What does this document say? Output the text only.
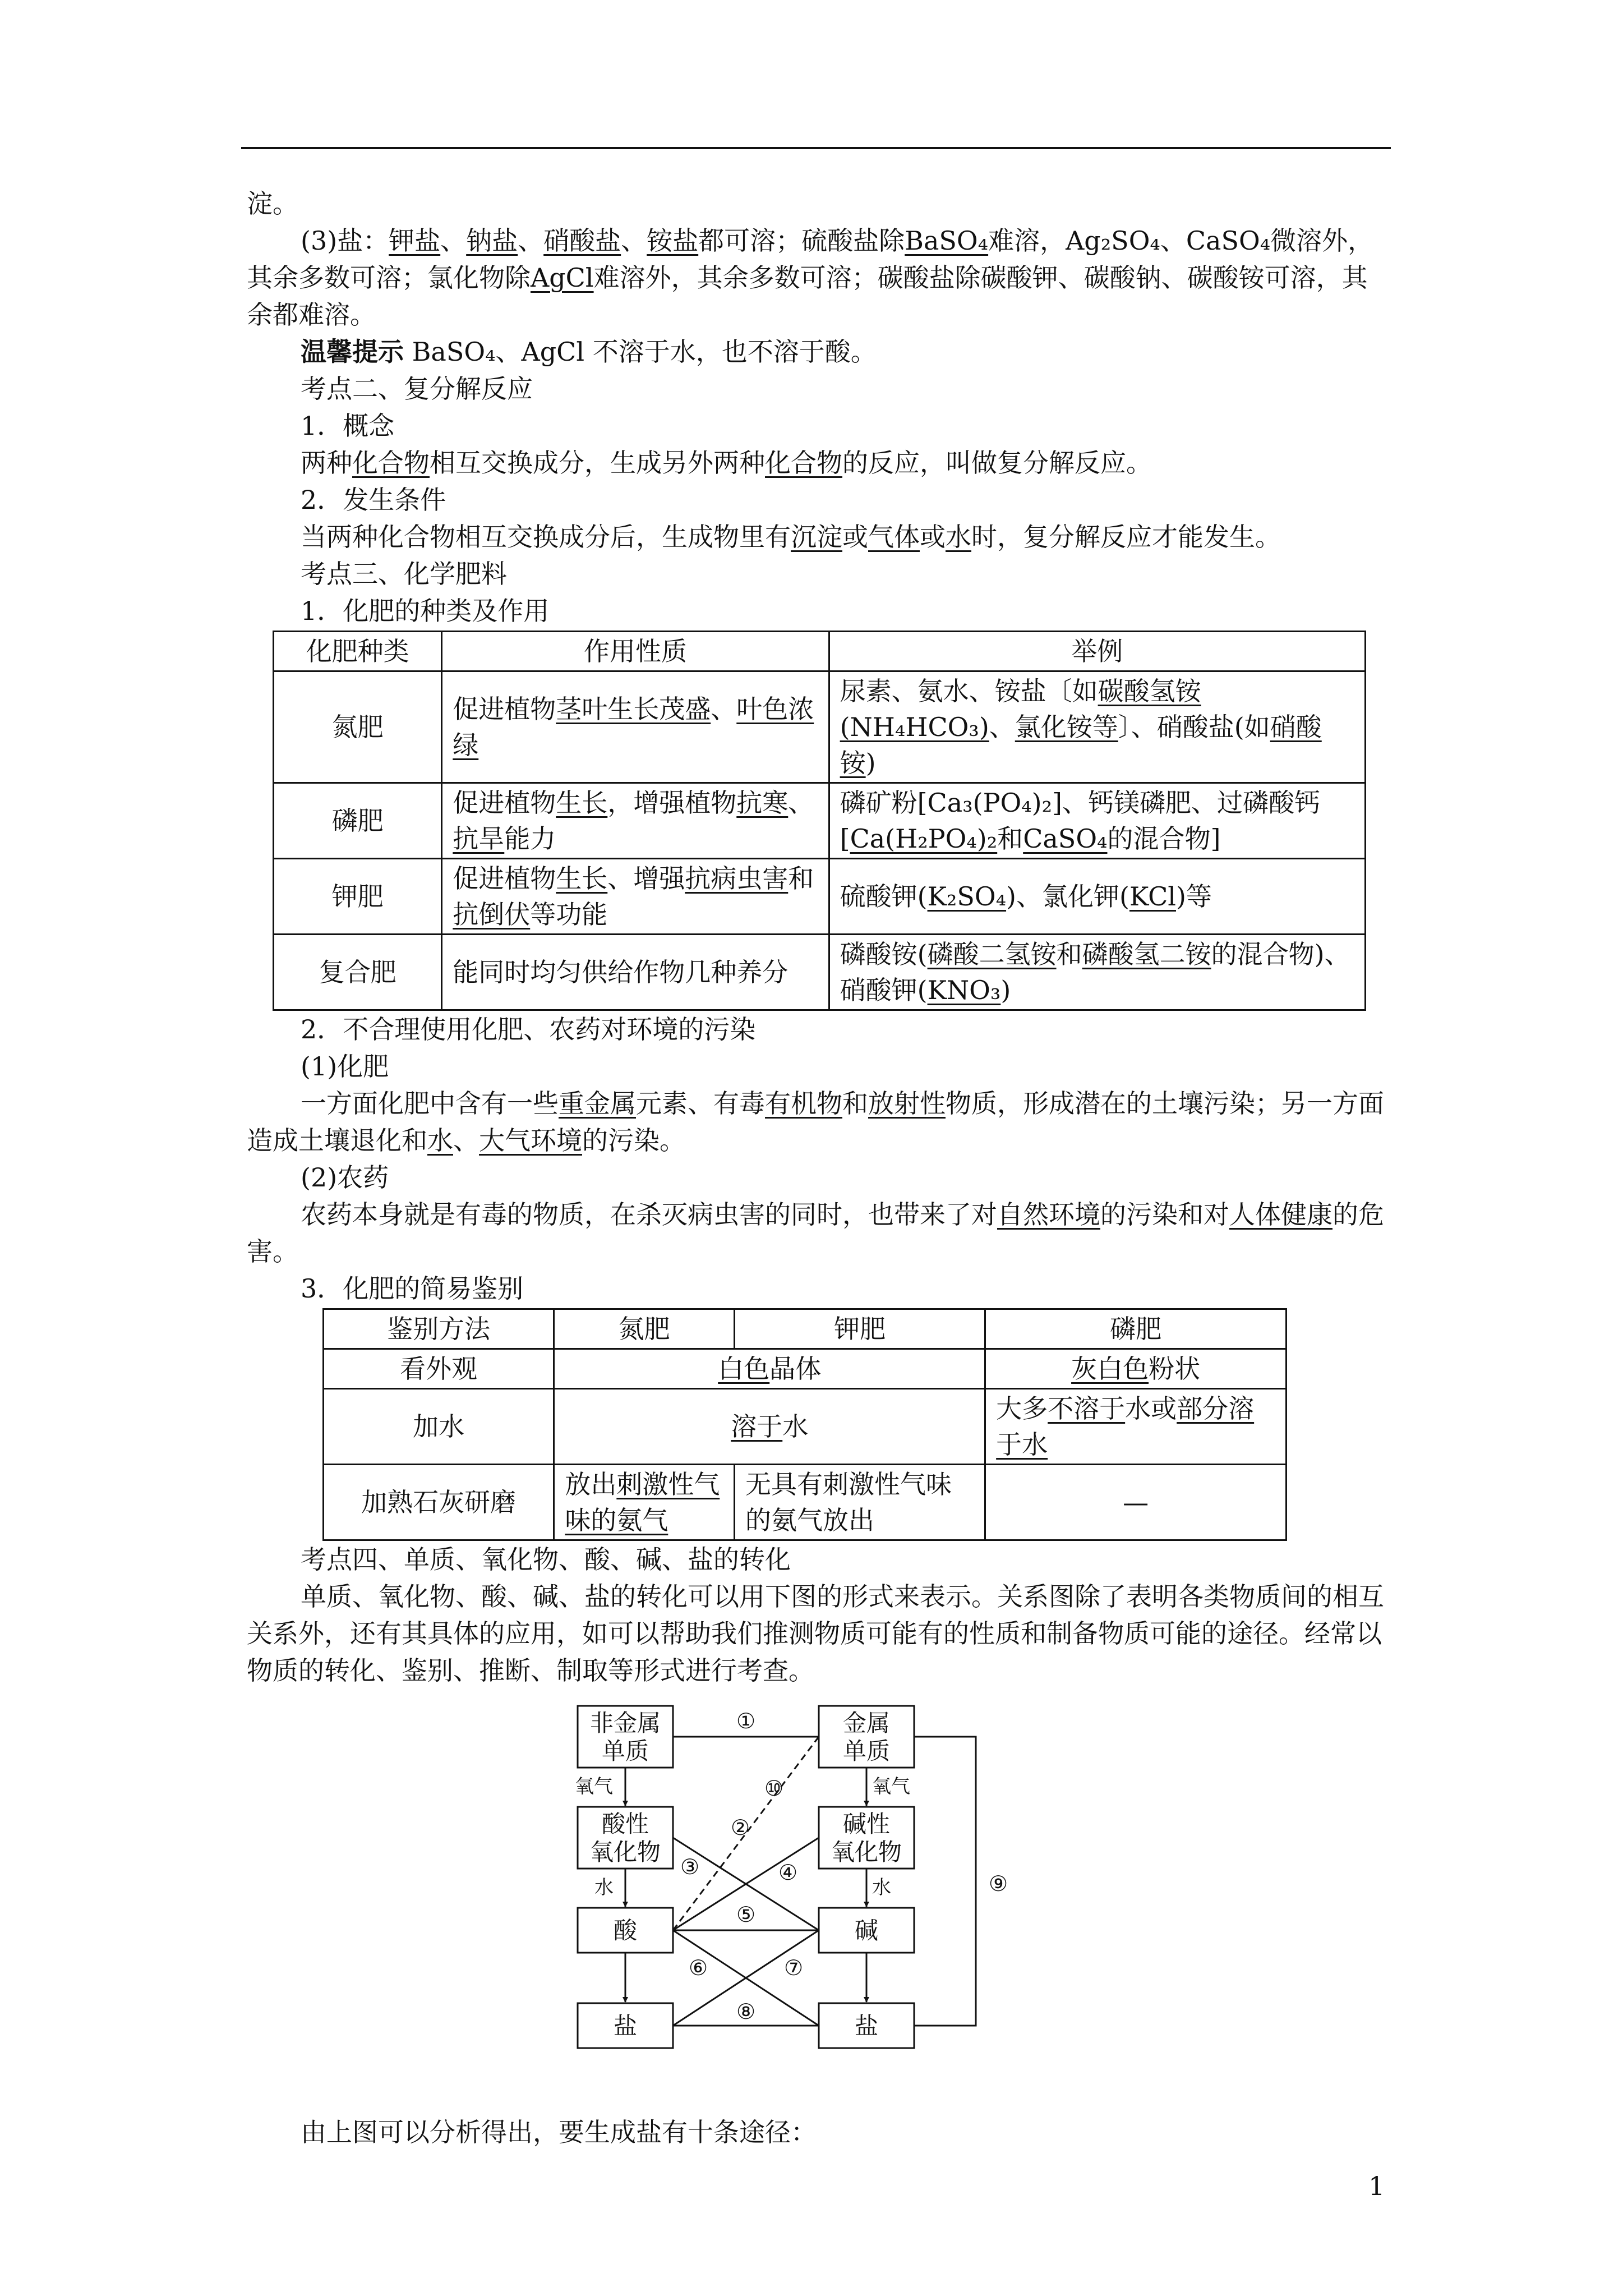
淀。

(3)盐：钾盐、钠盐、硝酸盐、铵盐都可溶；硫酸盐除BaSO₄难溶，Ag₂SO₄、CaSO₄微溶外，其余多数可溶；氯化物除AgCl难溶外，其余多数可溶；碳酸盐除碳酸钾、碳酸钠、碳酸铵可溶，其余都难溶。

温馨提示 BaSO₄、AgCl 不溶于水，也不溶于酸。

考点二、复分解反应

1．概念

两种化合物相互交换成分，生成另外两种化合物的反应，叫做复分解反应。

2．发生条件

当两种化合物相互交换成分后，生成物里有沉淀或气体或水时，复分解反应才能发生。

考点三、化学肥料

1．化肥的种类及作用

化肥种类	作用性质	举例
氮肥	促进植物茎叶生长茂盛、叶色浓绿	尿素、氨水、铵盐〔如碳酸氢铵(NH₄HCO₃)、氯化铵等〕、硝酸盐(如硝酸铵)
磷肥	促进植物生长，增强植物抗寒、抗旱能力	磷矿粉[Ca₃(PO₄)₂]、钙镁磷肥、过磷酸钙[Ca(H₂PO₄)₂和CaSO₄的混合物]
钾肥	促进植物生长、增强抗病虫害和抗倒伏等功能	硫酸钾(K₂SO₄)、氯化钾(KCl)等
复合肥	能同时均匀供给作物几种养分	磷酸铵(磷酸二氢铵和磷酸氢二铵的混合物)、硝酸钾(KNO₃)

2．不合理使用化肥、农药对环境的污染

(1)化肥

一方面化肥中含有一些重金属元素、有毒有机物和放射性物质，形成潜在的土壤污染；另一方面造成土壤退化和水、大气环境的污染。

(2)农药

农药本身就是有毒的物质，在杀灭病虫害的同时，也带来了对自然环境的污染和对人体健康的危害。

3．化肥的简易鉴别

鉴别方法	氮肥	钾肥	磷肥
看外观	白色晶体		灰白色粉状
加水	溶于水		大多不溶于水或部分溶于水
加熟石灰研磨	放出刺激性气味的氨气	无具有刺激性气味的氨气放出	—

考点四、单质、氧化物、酸、碱、盐的转化

单质、氧化物、酸、碱、盐的转化可以用下图的形式来表示。关系图除了表明各类物质间的相互关系外，还有其具体的应用，如可以帮助我们推测物质可能有的性质和制备物质可能的途径。经常以物质的转化、鉴别、推断、制取等形式进行考查。

非金属
单质
金属
单质
酸性
氧化物
碱性
氧化物
酸	碱
盐	盐
氧气	氧气
水	水
①
⑩
②
③	④
⑤
⑥	⑦
⑧
⑨

由上图可以分析得出，要生成盐有十条途径：

1
